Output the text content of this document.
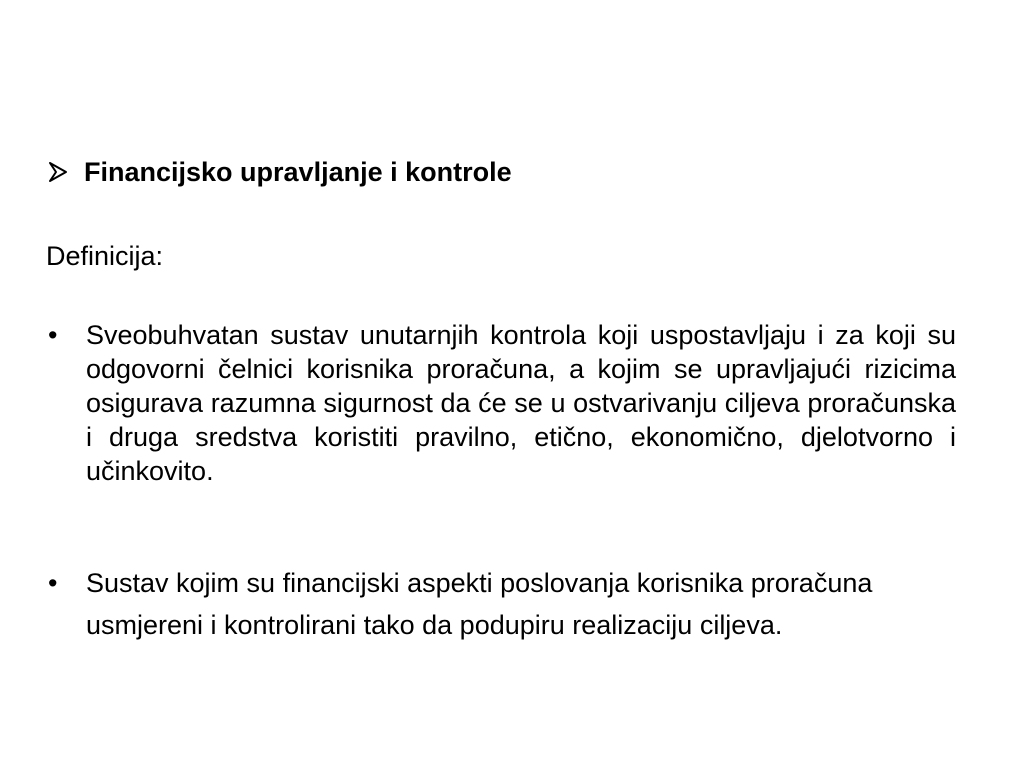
Financijsko upravljanje i kontrole
Definicija:
•	Sveobuhvatan sustav unutarnjih kontrola koji uspostavljaju i za koji su odgovorni čelnici korisnika proračuna, a kojim se upravljajući rizicima osigurava razumna sigurnost da će se u ostvarivanju ciljeva proračunska i druga sredstva koristiti pravilno, etično, ekonomično, djelotvorno i učinkovito.
•	Sustav kojim su financijski aspekti poslovanja korisnika proračuna usmjereni i kontrolirani tako da podupiru realizaciju ciljeva.
